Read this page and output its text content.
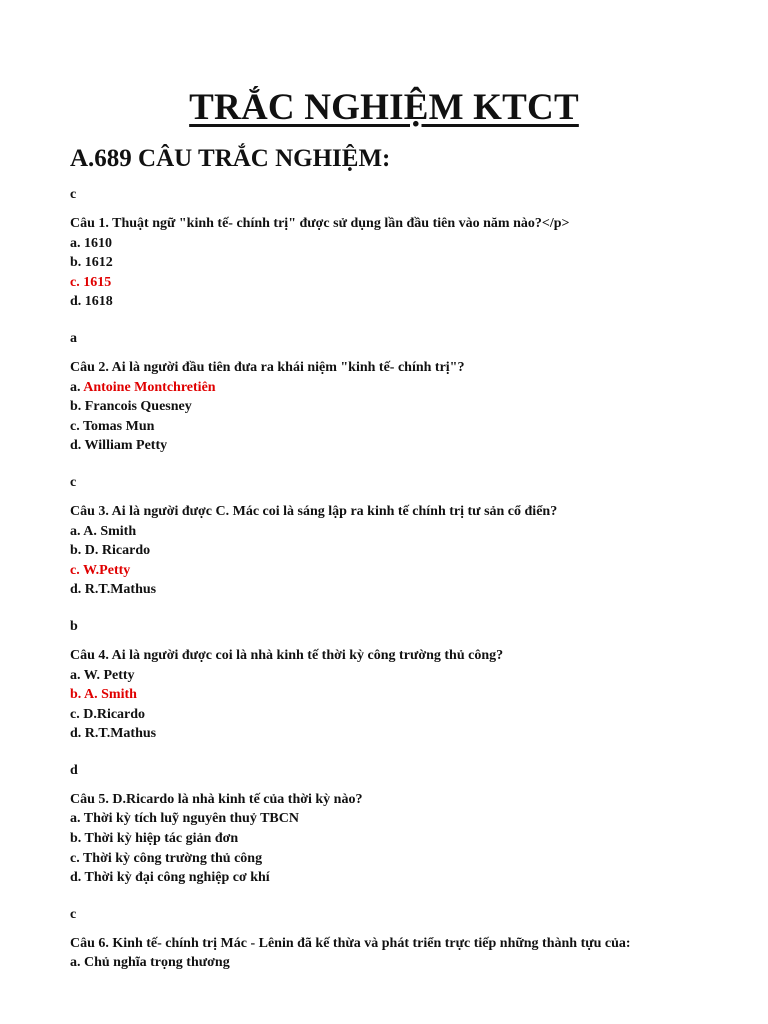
TRẮC NGHIỆM KTCT
A.689 CÂU TRẮC NGHIỆM:
c
Câu 1. Thuật ngữ "kinh tế- chính trị" được sử dụng lần đầu tiên vào năm nào?</p>
a. 1610
b. 1612
c. 1615
d. 1618
a
Câu 2. Ai là người đầu tiên đưa ra khái niệm "kinh tế- chính trị"?
a. Antoine Montchretiên
b. Francois Quesney
c. Tomas Mun
d. William Petty
c
Câu 3. Ai là người được C. Mác coi là sáng lập ra kinh tế chính trị tư sản cổ điển?
a. A. Smith
b. D. Ricardo
c. W.Petty
d. R.T.Mathus
b
Câu 4. Ai là người được coi là nhà kinh tế thời kỳ công trường thủ công?
a. W. Petty
b. A. Smith
c. D.Ricardo
d. R.T.Mathus
d
Câu 5. D.Ricardo là nhà kinh tế của thời kỳ nào?
a. Thời kỳ tích luỹ nguyên thuỷ TBCN
b. Thời kỳ hiệp tác giản đơn
c. Thời kỳ công trường thủ công
d. Thời kỳ đại công nghiệp cơ khí
c
Câu 6. Kinh tế- chính trị Mác - Lênin đã kế thừa và phát triển trực tiếp những thành tựu của:
a. Chủ nghĩa trọng thương
